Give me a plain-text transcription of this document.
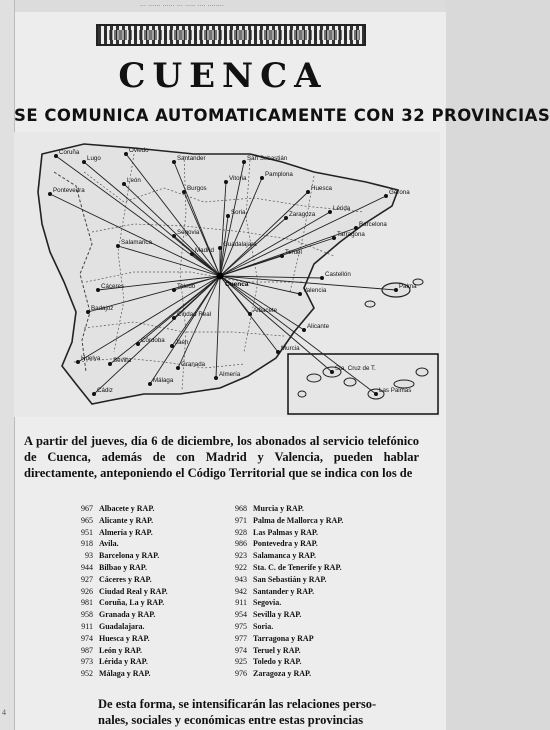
... ...... ...... ... ..... .... ........
4
CUENCA
SE COMUNICA AUTOMATICAMENTE CON 32 PROVINCIAS
Oviedo
Santander	San Sebastián
Lugo
Coruña
León
Burgos
Pamplona
Huesca
Lérida
Gerona
Pontevedra
Vitoria
Barcelona
Tarragona
Teruel
Zaragoza
Soria
Segovia
Salamanca
Madrid
Guadalajara
Castellón
Palma
Valencia
Cáceres
Badajoz
Toledo
Ciudad Real
Albacete
Alicante
Córdoba Jaén
Murcia
Sevilla
Granada
Almería
Huelva
Cádiz
Málaga
Sta. Cruz de T.
Las Palmas
Cuenca
A partir del jueves, día 6 de diciembre, los abonados al servicio telefónico de Cuenca, además de con Madrid y Valencia, pueden hablar directamente, anteponiendo el Código Territorial que se indica con los de
967 Albacete y RAP.
965 Alicante y RAP.
951 Almería y RAP.
918 Avila.
93 Barcelona y RAP.
944 Bilbao y RAP.
927 Cáceres y RAP.
926 Ciudad Real y RAP.
981 Coruña, La y RAP.
958 Granada y RAP.
911 Guadalajara.
974 Huesca y RAP.
987 León y RAP.
973 Lérida y RAP.
952 Málaga y RAP.
968 Murcia y RAP.
971 Palma de Mallorca y RAP.
928 Las Palmas y RAP.
986 Pontevedra y RAP.
923 Salamanca y RAP.
922 Sta. C. de Tenerife y RAP.
943 San Sebastián y RAP.
942 Santander y RAP.
911 Segovia.
954 Sevilla y RAP.
975 Soria.
977 Tarragona y RAP
974 Teruel y RAP.
925 Toledo y RAP.
976 Zaragoza y RAP.
De esta forma, se intensificarán las relaciones perso-
nales, sociales y económicas entre estas provincias
